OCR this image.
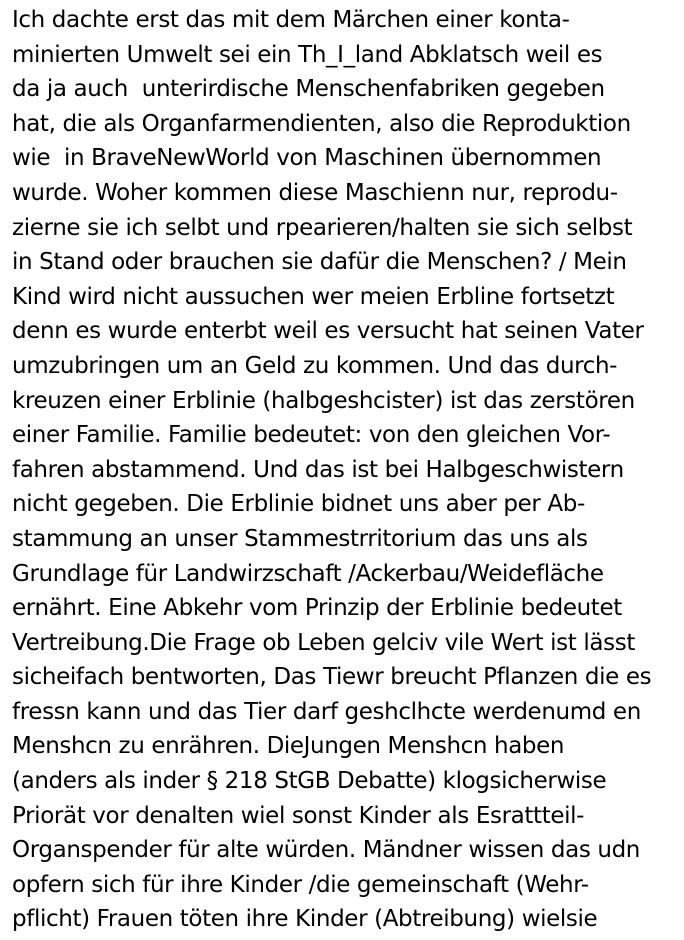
Ich dachte erst das mit dem Märchen einer konta-
minierten Umwelt sei ein Th_I_land Abklatsch weil es
da ja auch  unterirdische Menschenfabriken gegeben
hat, die als Organfarmendienten, also die Reproduktion
wie  in BraveNewWorld von Maschinen übernommen
wurde. Woher kommen diese Maschienn nur, reprodu-
zierne sie ich selbt und rpearieren/halten sie sich selbst
in Stand oder brauchen sie dafür die Menschen? / Mein
Kind wird nicht aussuchen wer meien Erbline fortsetzt
denn es wurde enterbt weil es versucht hat seinen Vater
umzubringen um an Geld zu kommen. Und das durch-
kreuzen einer Erblinie (halbgeshcister) ist das zerstören
einer Familie. Familie bedeutet: von den gleichen Vor-
fahren abstammend. Und das ist bei Halbgeschwistern
nicht gegeben. Die Erblinie bidnet uns aber per Ab-
stammung an unser Stammestrritorium das uns als
Grundlage für Landwirzschaft /Ackerbau/Weidefläche
ernährt. Eine Abkehr vom Prinzip der Erblinie bedeutet
Vertreibung.Die Frage ob Leben gelciv vile Wert ist lässt
sicheifach bentworten, Das Tiewr breucht Pflanzen die es
fressn kann und das Tier darf geshclhcte werdenumd en
Menshcn zu enrähren. DieJungen Menshcn haben
(anders als inder § 218 StGB Debatte) klogsicherwise
Priorät vor denalten wiel sonst Kinder als Esrattteil-
Organspender für alte würden. Mändner wissen das udn
opfern sich für ihre Kinder /die gemeinschaft (Wehr-
pflicht) Frauen töten ihre Kinder (Abtreibung) wielsie
